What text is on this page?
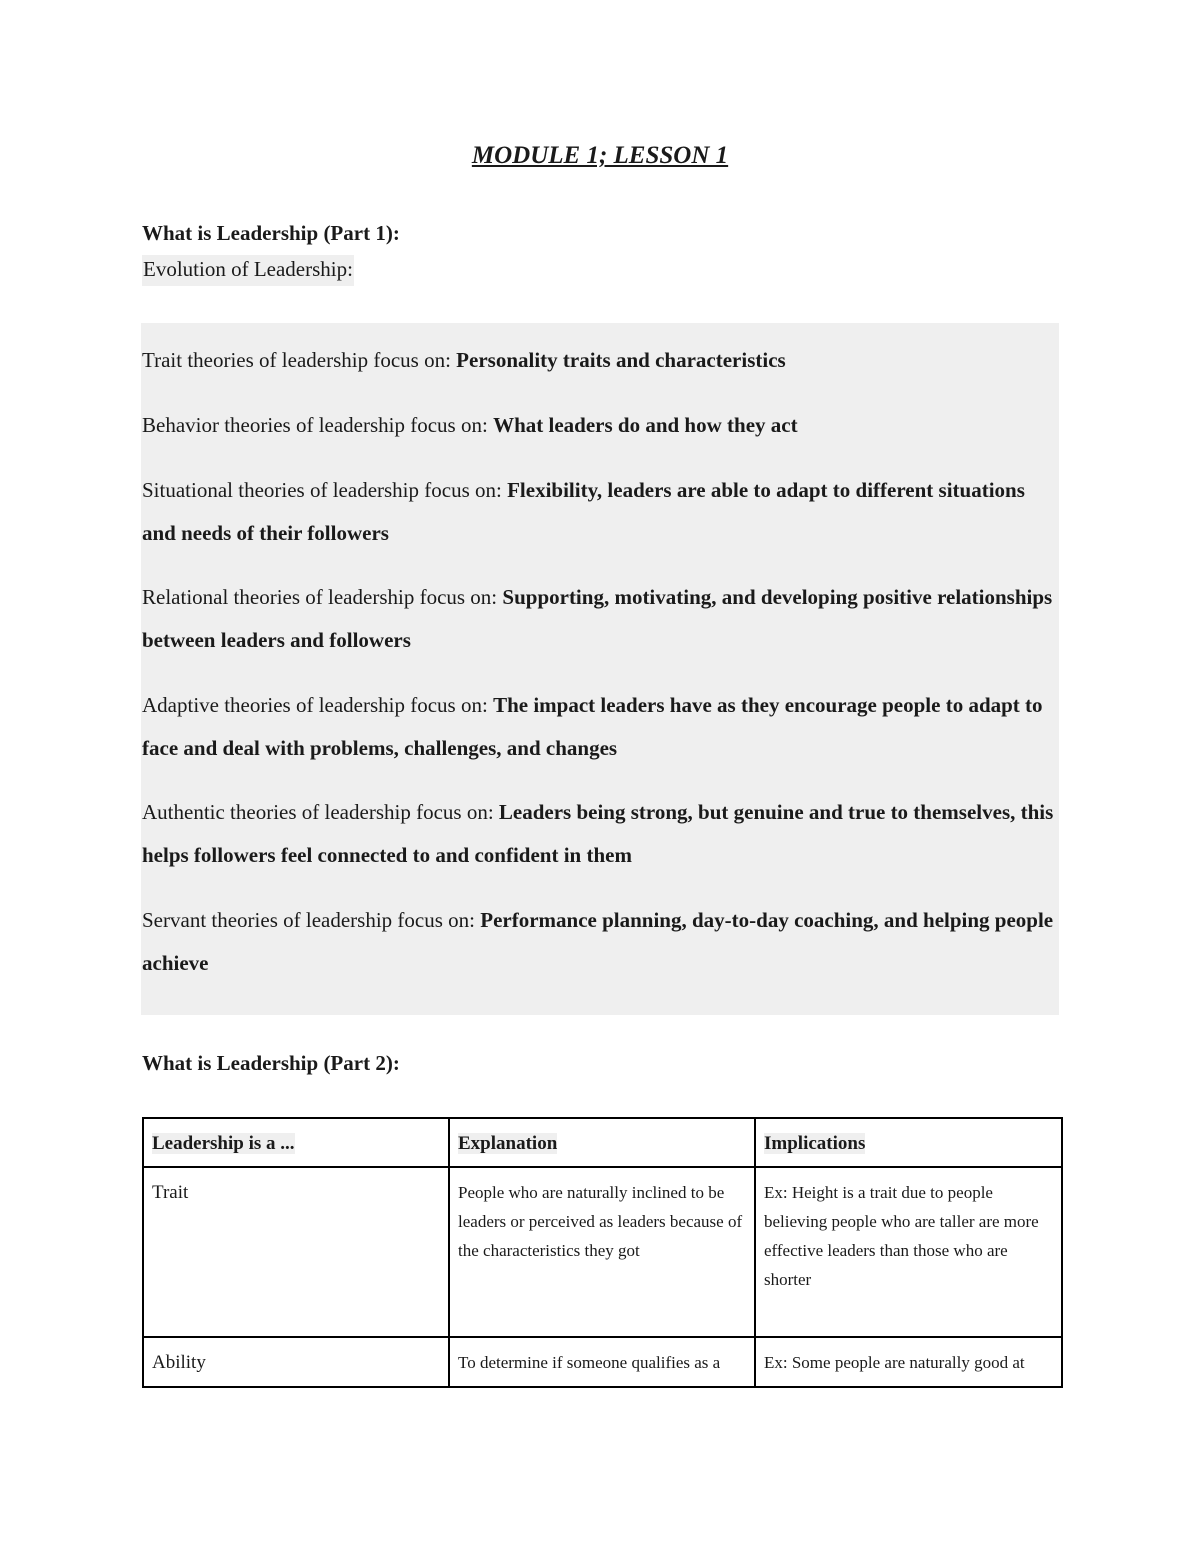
MODULE 1; LESSON 1
What is Leadership (Part 1):
Evolution of Leadership:

Trait theories of leadership focus on: Personality traits and characteristics

Behavior theories of leadership focus on: What leaders do and how they act

Situational theories of leadership focus on: Flexibility, leaders are able to adapt to different situations and needs of their followers

Relational theories of leadership focus on: Supporting, motivating, and developing positive relationships between leaders and followers

Adaptive theories of leadership focus on: The impact leaders have as they encourage people to adapt to face and deal with problems, challenges, and changes

Authentic theories of leadership focus on: Leaders being strong, but genuine and true to themselves, this helps followers feel connected to and confident in them

Servant theories of leadership focus on: Performance planning, day-to-day coaching, and helping people achieve

What is Leadership (Part 2):
Leadership is a ...	Explanation	Implications
Trait	People who are naturally inclined to be leaders or perceived as leaders because of the characteristics they got	Ex: Height is a trait due to people believing people who are taller are more effective leaders than those who are shorter
Ability	To determine if someone qualifies as a	Ex: Some people are naturally good at
